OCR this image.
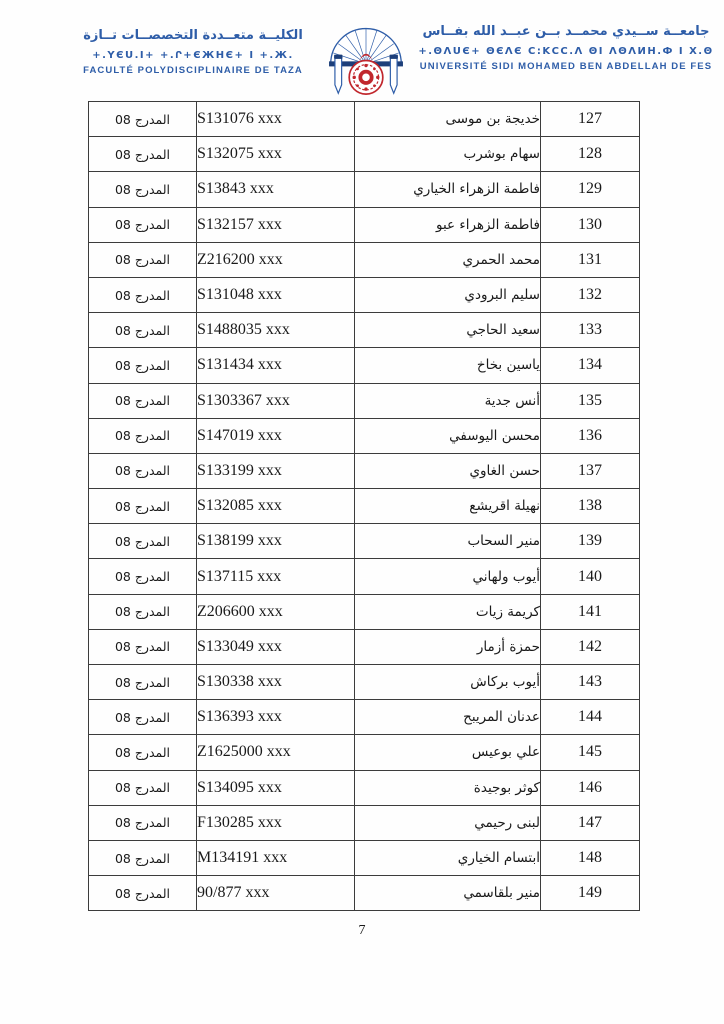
الكليــة متعــددة التخصصــات تــازة
+.ΥЄU.І+ +.Ր+ЄЖНЄ+ І +.Ж.
FACULTÉ POLYDISCIPLINAIRE DE TAZA
جامعــة ســيدي محمــد بــن عبــد الله بفــاس
+.ΘΛUЄ+ ΘЄΛЄ С:ΚСС.Λ ΘІ ΛΘΛИН.Ф І Х.Θ
UNIVERSITÉ SIDI MOHAMED BEN ABDELLAH DE FES
127	خديجة بن موسى	S131076 xxx	المدرج 08
128	سهام بوشرب	S132075 xxx	المدرج 08
129	فاطمة الزهراء الخياري	S13843 xxx	المدرج 08
130	فاطمة الزهراء عبو	S132157 xxx	المدرج 08
131	محمد الحمري	Z216200 xxx	المدرج 08
132	سليم البرودي	S131048 xxx	المدرج 08
133	سعيد الحاجي	S1488035 xxx	المدرج 08
134	ياسين بخاخ	S131434 xxx	المدرج 08
135	أنس جدية	S1303367 xxx	المدرج 08
136	محسن اليوسفي	S147019 xxx	المدرج 08
137	حسن الغاوي	S133199 xxx	المدرج 08
138	نهيلة اقريشع	S132085 xxx	المدرج 08
139	منير السحاب	S138199 xxx	المدرج 08
140	أيوب ولهاني	S137115 xxx	المدرج 08
141	كريمة زيات	Z206600 xxx	المدرج 08
142	حمزة أزمار	S133049 xxx	المدرج 08
143	أيوب بركاش	S130338 xxx	المدرج 08
144	عدنان المريبح	S136393 xxx	المدرج 08
145	علي بوعيس	Z1625000 xxx	المدرج 08
146	كوثر بوجيدة	S134095 xxx	المدرج 08
147	لبنى رحيمي	F130285 xxx	المدرج 08
148	ابتسام الخياري	M134191 xxx	المدرج 08
149	منير بلقاسمي	90/877 xxx	المدرج 08
7
